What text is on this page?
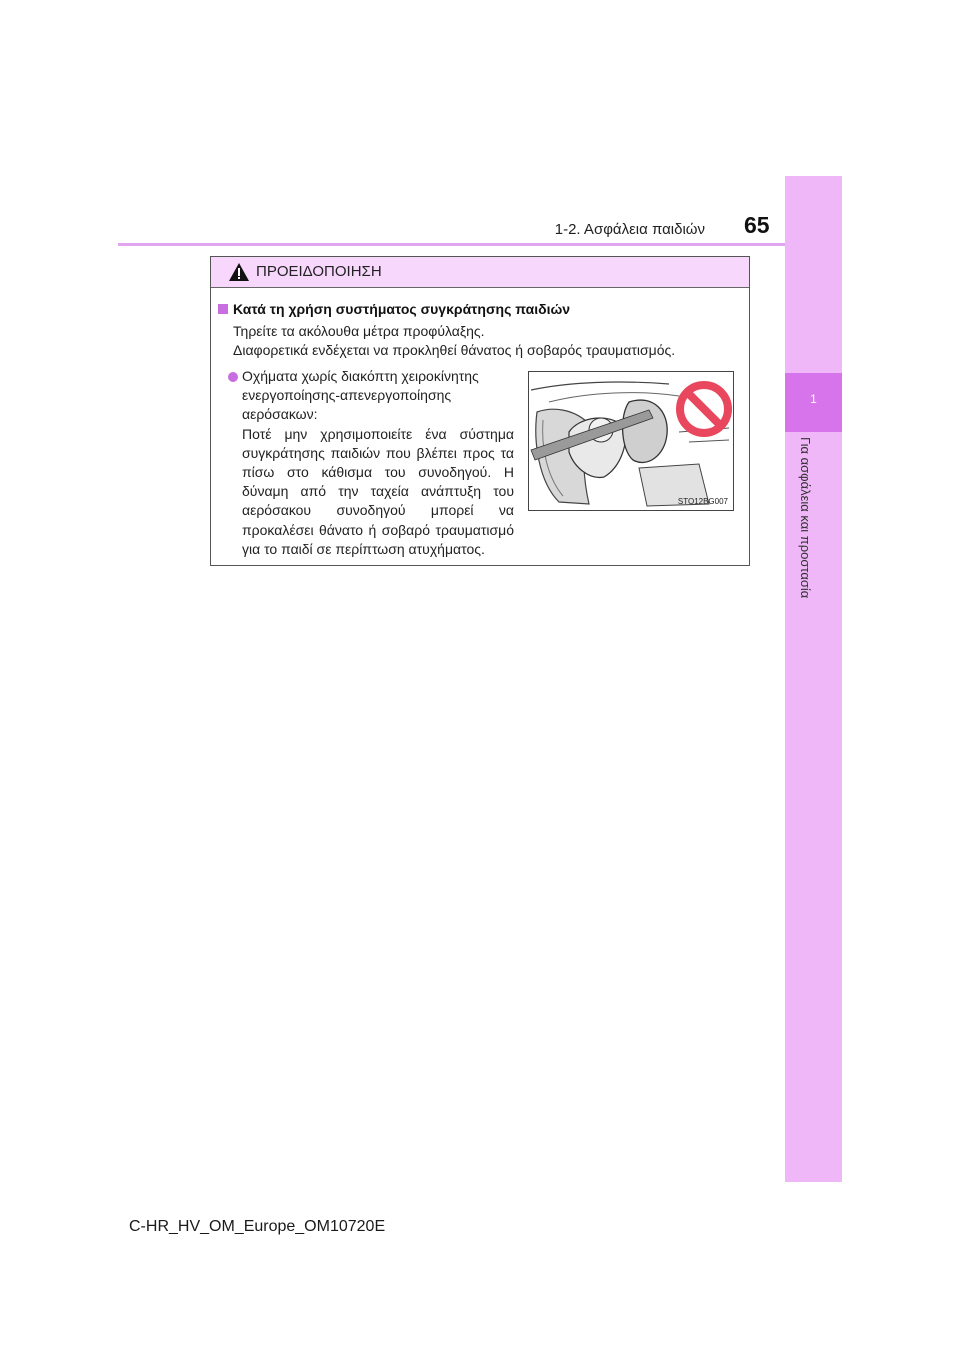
1-2. Ασφάλεια παιδιών 65
1
Για ασφάλεια και προστασία
ΠΡΟΕΙΔΟΠΟΙΗΣΗ
Κατά τη χρήση συστήματος συγκράτησης παιδιών
Τηρείτε τα ακόλουθα μέτρα προφύλαξης.
Διαφορετικά ενδέχεται να προκληθεί θάνατος ή σοβαρός τραυματισμός.
Οχήματα χωρίς διακόπτη χειροκίνητης
ενεργοποίησης-απενεργοποίησης
αερόσακων:
Ποτέ μην χρησιμοποιείτε ένα σύστημα συγκράτησης παιδιών που βλέπει προς τα πίσω στο κάθισμα του συνοδηγού. Η δύναμη από την ταχεία ανάπτυξη του αερόσακου συνοδηγού μπορεί να προκαλέσει θάνατο ή σοβαρό τραυματισμό για το παιδί σε περίπτωση ατυχήματος.
STO12BG007
C-HR_HV_OM_Europe_OM10720E
